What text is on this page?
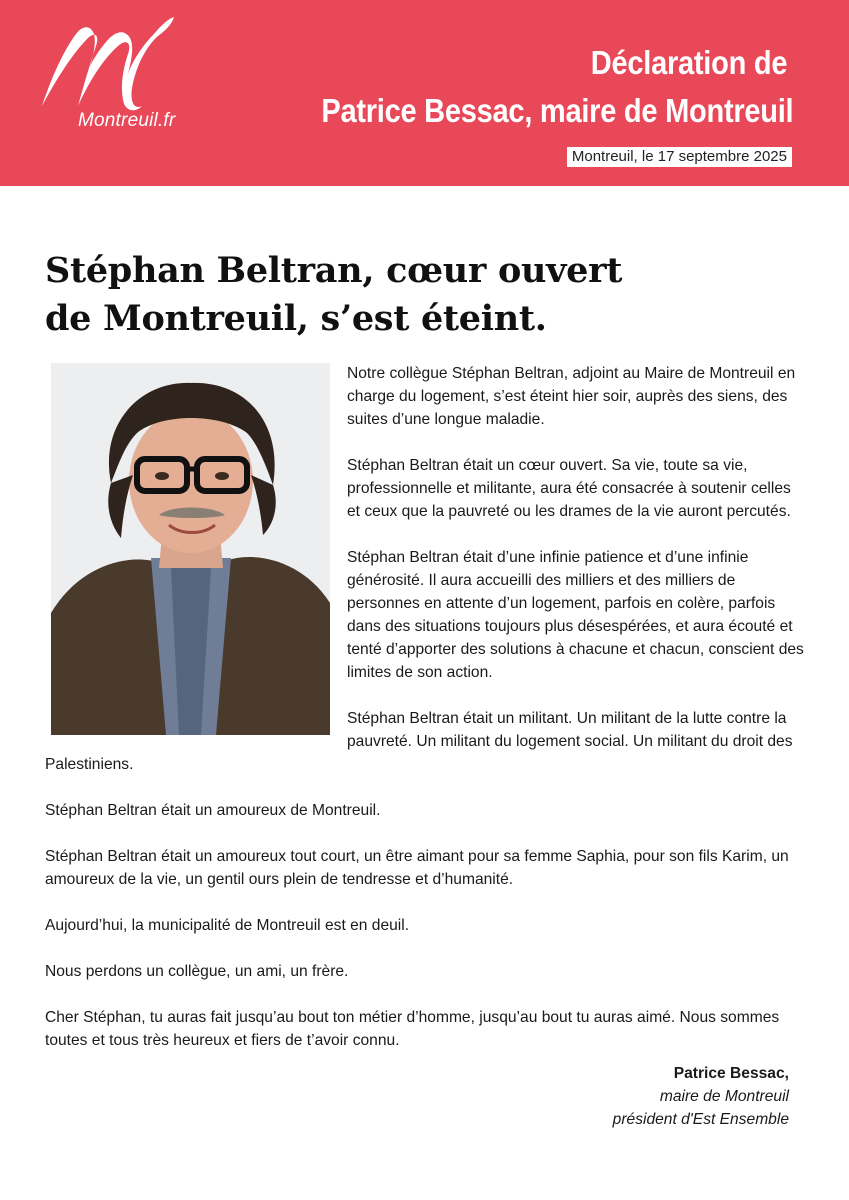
Montreuil.fr
Déclaration de
Patrice Bessac, maire de Montreuil
Montreuil, le 17 septembre 2025
Stéphan Beltran, cœur ouvert
de Montreuil, s’est éteint.

Notre collègue Stéphan Beltran, adjoint au Maire de Montreuil en charge du logement, s’est éteint hier soir, auprès des siens, des suites d’une longue maladie.

Stéphan Beltran était un cœur ouvert. Sa vie, toute sa vie, professionnelle et militante, aura été consacrée à soutenir celles et ceux que la pauvreté ou les drames de la vie auront percutés.

Stéphan Beltran était d’une infinie patience et d’une infinie générosité. Il aura accueilli des milliers et des milliers de personnes en attente d’un logement, parfois en colère, parfois dans des situations toujours plus désespérées, et aura écouté et tenté d’apporter des solutions à chacune et chacun, conscient des limites de son action.

Stéphan Beltran était un militant. Un militant de la lutte contre la pauvreté. Un militant du logement social. Un militant du droit des Palestiniens.

Stéphan Beltran était un amoureux de Montreuil.

Stéphan Beltran était un amoureux tout court, un être aimant pour sa femme Saphia, pour son fils Karim, un amoureux de la vie, un gentil ours plein de tendresse et d’humanité.

Aujourd’hui, la municipalité de Montreuil est en deuil.

Nous perdons un collègue, un ami, un frère.

Cher Stéphan, tu auras fait jusqu’au bout ton métier d’homme, jusqu’au bout tu auras aimé. Nous sommes toutes et tous très heureux et fiers de t’avoir connu.

Patrice Bessac,
maire de Montreuil
président d'Est Ensemble
